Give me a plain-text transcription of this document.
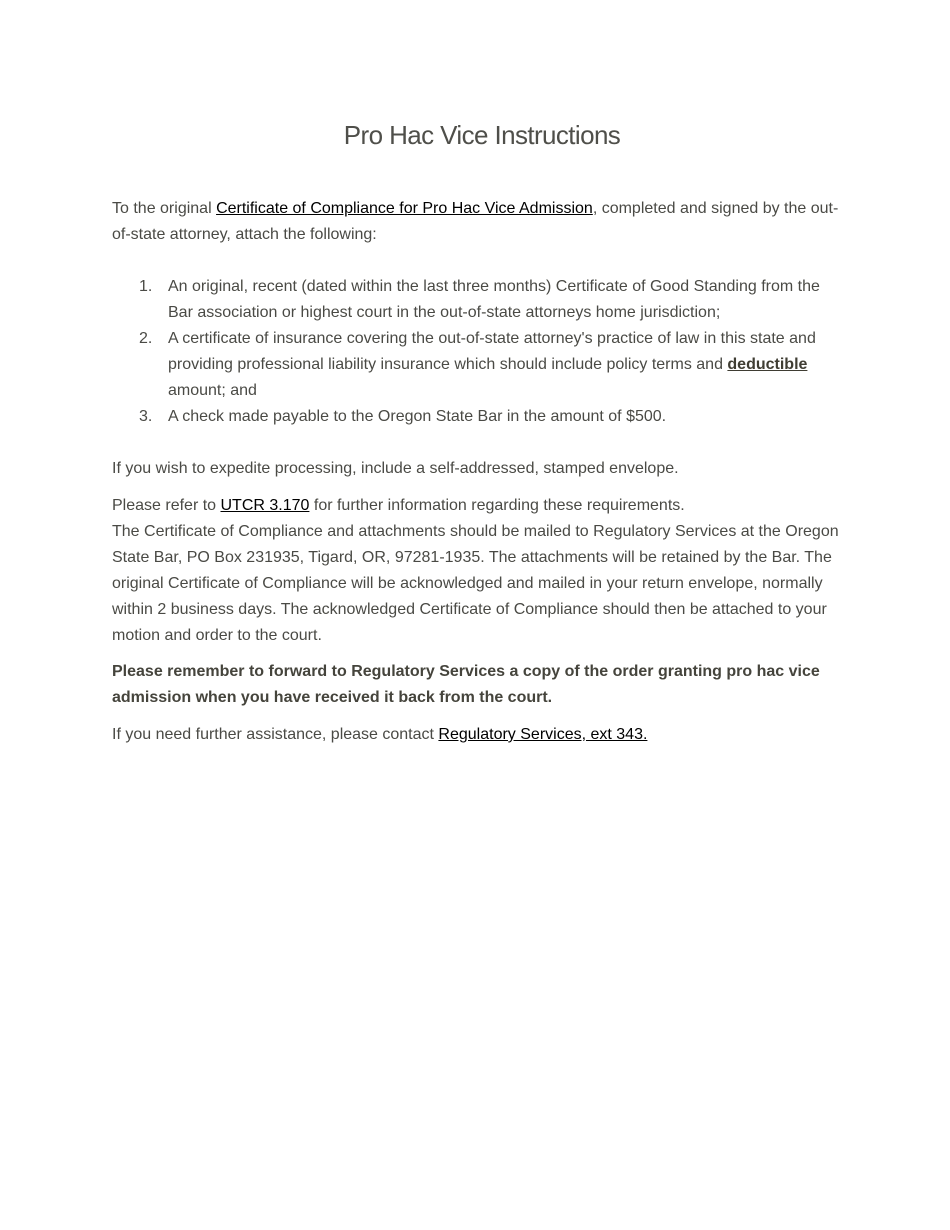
Pro Hac Vice Instructions

To the original Certificate of Compliance for Pro Hac Vice Admission, completed and signed by the out-of-state attorney, attach the following:

1. An original, recent (dated within the last three months) Certificate of Good Standing from the Bar association or highest court in the out-of-state attorneys home jurisdiction;
2. A certificate of insurance covering the out-of-state attorney's practice of law in this state and providing professional liability insurance which should include policy terms and deductible amount; and
3. A check made payable to the Oregon State Bar in the amount of $500.

If you wish to expedite processing, include a self-addressed, stamped envelope.

Please refer to UTCR 3.170 for further information regarding these requirements.

The Certificate of Compliance and attachments should be mailed to Regulatory Services at the Oregon State Bar, PO Box 231935, Tigard, OR, 97281-1935. The attachments will be retained by the Bar. The original Certificate of Compliance will be acknowledged and mailed in your return envelope, normally within 2 business days. The acknowledged Certificate of Compliance should then be attached to your motion and order to the court.

Please remember to forward to Regulatory Services a copy of the order granting pro hac vice admission when you have received it back from the court.

If you need further assistance, please contact Regulatory Services, ext 343.
